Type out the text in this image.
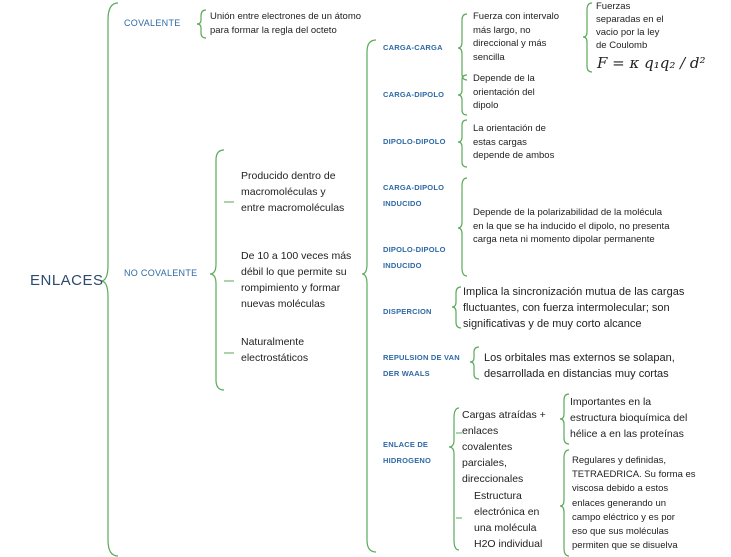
ENLACES
COVALENTE
Unión entre electrones de un átomo
para formar la regla del octeto
NO COVALENTE
Producido dentro de
macromoléculas y
entre macromoléculas
De 10 a 100 veces más
débil lo que permite su
rompimiento y formar
nuevas moléculas
Naturalmente
electrostáticos
CARGA-CARGA
CARGA-DIPOLO
DIPOLO-DIPOLO
CARGA-DIPOLO
INDUCIDO
DIPOLO-DIPOLO
INDUCIDO
DISPERCION
REPULSION DE VAN
DER WAALS
ENLACE DE
HIDROGENO
Fuerza con intervalo
más largo, no
direccional y más
sencilla
Depende de la
orientación del
dipolo
La orientación de
estas cargas
depende de ambos
Depende de la polarizabilidad de la molécula
en la que se ha inducido el dipolo, no presenta
carga neta ni momento dipolar permanente
Implica la sincronización mutua de las cargas
fluctuantes, con fuerza intermolecular; son
significativas y de muy corto alcance
Los orbitales mas externos se solapan,
desarrollada en distancias muy cortas
Fuerzas
separadas en el
vacio por la ley
de Coulomb
F = κ q₁q₂ / d²
Cargas atraídas +
enlaces
covalentes
parciales,
direccionales
Importantes en la
estructura bioquímica del
hélice a en las proteínas
Estructura
electrónica en
una molécula
H2O individual
Regulares y definidas,
TETRAEDRICA. Su forma es
viscosa debido a estos
enlaces generando un
campo eléctrico y es por
eso que sus moléculas
permiten que se disuelva
